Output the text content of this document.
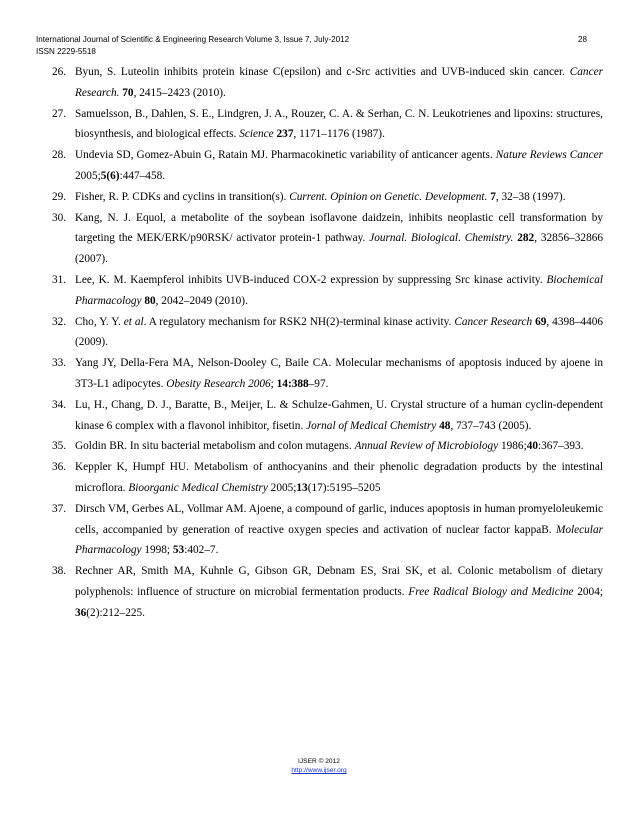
International Journal of Scientific & Engineering Research Volume 3, Issue 7, July-2012	28
ISSN 2229-5518
26. Byun, S. Luteolin inhibits protein kinase C(epsilon) and c-Src activities and UVB-induced skin cancer. Cancer Research. 70, 2415–2423 (2010).
27. Samuelsson, B., Dahlen, S. E., Lindgren, J. A., Rouzer, C. A. & Serhan, C. N. Leukotrienes and lipoxins: structures, biosynthesis, and biological effects. Science 237, 1171–1176 (1987).
28. Undevia SD, Gomez-Abuin G, Ratain MJ. Pharmacokinetic variability of anticancer agents. Nature Reviews Cancer 2005;5(6):447–458.
29. Fisher, R. P. CDKs and cyclins in transition(s). Current. Opinion on Genetic. Development. 7, 32–38 (1997).
30. Kang, N. J. Equol, a metabolite of the soybean isoflavone daidzein, inhibits neoplastic cell transformation by targeting the MEK/ERK/p90RSK/ activator protein-1 pathway. Journal. Biological. Chemistry. 282, 32856–32866 (2007).
31. Lee, K. M. Kaempferol inhibits UVB-induced COX-2 expression by suppressing Src kinase activity. Biochemical Pharmacology 80, 2042–2049 (2010).
32. Cho, Y. Y. et al. A regulatory mechanism for RSK2 NH(2)-terminal kinase activity. Cancer Research 69, 4398–4406 (2009).
33. Yang JY, Della-Fera MA, Nelson-Dooley C, Baile CA. Molecular mechanisms of apoptosis induced by ajoene in 3T3-L1 adipocytes. Obesity Research 2006; 14:388–97.
34. Lu, H., Chang, D. J., Baratte, B., Meijer, L. & Schulze-Gahmen, U. Crystal structure of a human cyclin-dependent kinase 6 complex with a flavonol inhibitor, fisetin. Jornal of Medical Chemistry 48, 737–743 (2005).
35. Goldin BR. In situ bacterial metabolism and colon mutagens. Annual Review of Microbiology 1986;40:367–393.
36. Keppler K, Humpf HU. Metabolism of anthocyanins and their phenolic degradation products by the intestinal microflora. Bioorganic Medical Chemistry 2005;13(17):5195–5205
37. Dirsch VM, Gerbes AL, Vollmar AM. Ajoene, a compound of garlic, induces apoptosis in human promyeloleukemic cells, accompanied by generation of reactive oxygen species and activation of nuclear factor kappaB. Molecular Pharmacology 1998; 53:402–7.
38. Rechner AR, Smith MA, Kuhnle G, Gibson GR, Debnam ES, Srai SK, et al. Colonic metabolism of dietary polyphenols: influence of structure on microbial fermentation products. Free Radical Biology and Medicine 2004; 36(2):212–225.
IJSER © 2012
http://www.ijser.org
